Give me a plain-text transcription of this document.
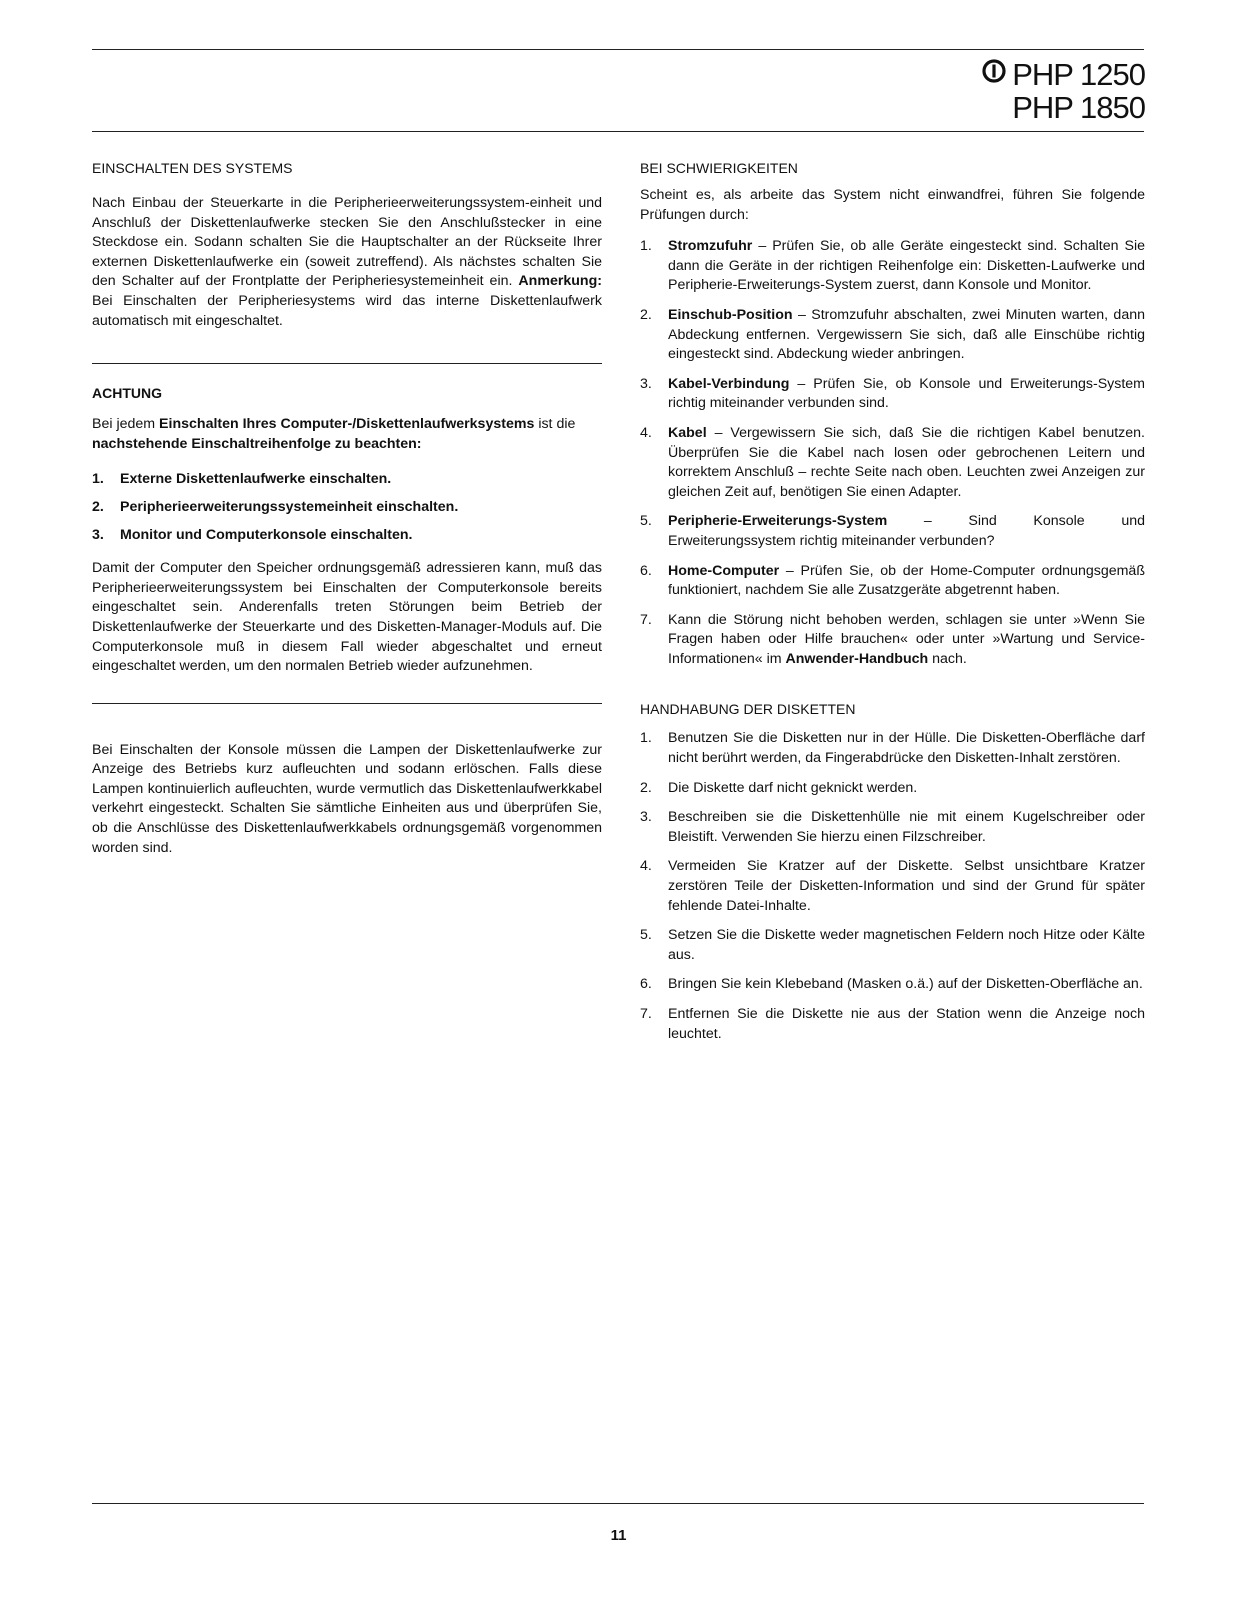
PHP 1250
PHP 1850
EINSCHALTEN DES SYSTEMS

Nach Einbau der Steuerkarte in die Peripherieerweiterungssystem-einheit und Anschluß der Diskettenlaufwerke stecken Sie den Anschlußstecker in eine Steckdose ein. Sodann schalten Sie die Hauptschalter an der Rückseite Ihrer externen Diskettenlaufwerke ein (soweit zutreffend). Als nächstes schalten Sie den Schalter auf der Frontplatte der Peripheriesystemeinheit ein. Anmerkung: Bei Einschalten der Peripheriesystems wird das interne Diskettenlaufwerk automatisch mit eingeschaltet.

ACHTUNG

Bei jedem Einschalten Ihres Computer-/Diskettenlaufwerksystems ist die nachstehende Einschaltreihenfolge zu beachten:

1.	Externe Diskettenlaufwerke einschalten.
2.	Peripherieerweiterungssystemeinheit einschalten.
3.	Monitor und Computerkonsole einschalten.

Damit der Computer den Speicher ordnungsgemäß adressieren kann, muß das Peripherieerweiterungssystem bei Einschalten der Computerkonsole bereits eingeschaltet sein. Anderenfalls treten Störungen beim Betrieb der Diskettenlaufwerke der Steuerkarte und des Disketten-Manager-Moduls auf. Die Computerkonsole muß in diesem Fall wieder abgeschaltet und erneut eingeschaltet werden, um den normalen Betrieb wieder aufzunehmen.

Bei Einschalten der Konsole müssen die Lampen der Diskettenlaufwerke zur Anzeige des Betriebs kurz aufleuchten und sodann erlöschen. Falls diese Lampen kontinuierlich aufleuchten, wurde vermutlich das Diskettenlaufwerkkabel verkehrt eingesteckt. Schalten Sie sämtliche Einheiten aus und überprüfen Sie, ob die Anschlüsse des Diskettenlaufwerkkabels ordnungsgemäß vorgenommen worden sind.

BEI SCHWIERIGKEITEN

Scheint es, als arbeite das System nicht einwandfrei, führen Sie folgende Prüfungen durch:

1.	Stromzufuhr – Prüfen Sie, ob alle Geräte eingesteckt sind. Schalten Sie dann die Geräte in der richtigen Reihenfolge ein: Disketten-Laufwerke und Peripherie-Erweiterungs-System zuerst, dann Konsole und Monitor.
2.	Einschub-Position – Stromzufuhr abschalten, zwei Minuten warten, dann Abdeckung entfernen. Vergewissern Sie sich, daß alle Einschübe richtig eingesteckt sind. Abdeckung wieder anbringen.
3.	Kabel-Verbindung – Prüfen Sie, ob Konsole und Erweiterungs-System richtig miteinander verbunden sind.
4.	Kabel – Vergewissern Sie sich, daß Sie die richtigen Kabel benutzen. Überprüfen Sie die Kabel nach losen oder gebrochenen Leitern und korrektem Anschluß – rechte Seite nach oben. Leuchten zwei Anzeigen zur gleichen Zeit auf, benötigen Sie einen Adapter.
5.	Peripherie-Erweiterungs-System – Sind Konsole und Erweiterungssystem richtig miteinander verbunden?
6.	Home-Computer – Prüfen Sie, ob der Home-Computer ordnungsgemäß funktioniert, nachdem Sie alle Zusatzgeräte abgetrennt haben.
7.	Kann die Störung nicht behoben werden, schlagen sie unter »Wenn Sie Fragen haben oder Hilfe brauchen« oder unter »Wartung und Service-Informationen« im Anwender-Handbuch nach.
HANDHABUNG DER DISKETTEN
1.	Benutzen Sie die Disketten nur in der Hülle. Die Disketten-Oberfläche darf nicht berührt werden, da Fingerabdrücke den Disketten-Inhalt zerstören.
2.	Die Diskette darf nicht geknickt werden.
3.	Beschreiben sie die Diskettenhülle nie mit einem Kugelschreiber oder Bleistift. Verwenden Sie hierzu einen Filzschreiber.
4.	Vermeiden Sie Kratzer auf der Diskette. Selbst unsichtbare Kratzer zerstören Teile der Disketten-Information und sind der Grund für später fehlende Datei-Inhalte.
5.	Setzen Sie die Diskette weder magnetischen Feldern noch Hitze oder Kälte aus.
6.	Bringen Sie kein Klebeband (Masken o.ä.) auf der Disketten-Oberfläche an.
7.	Entfernen Sie die Diskette nie aus der Station wenn die Anzeige noch leuchtet.
11
